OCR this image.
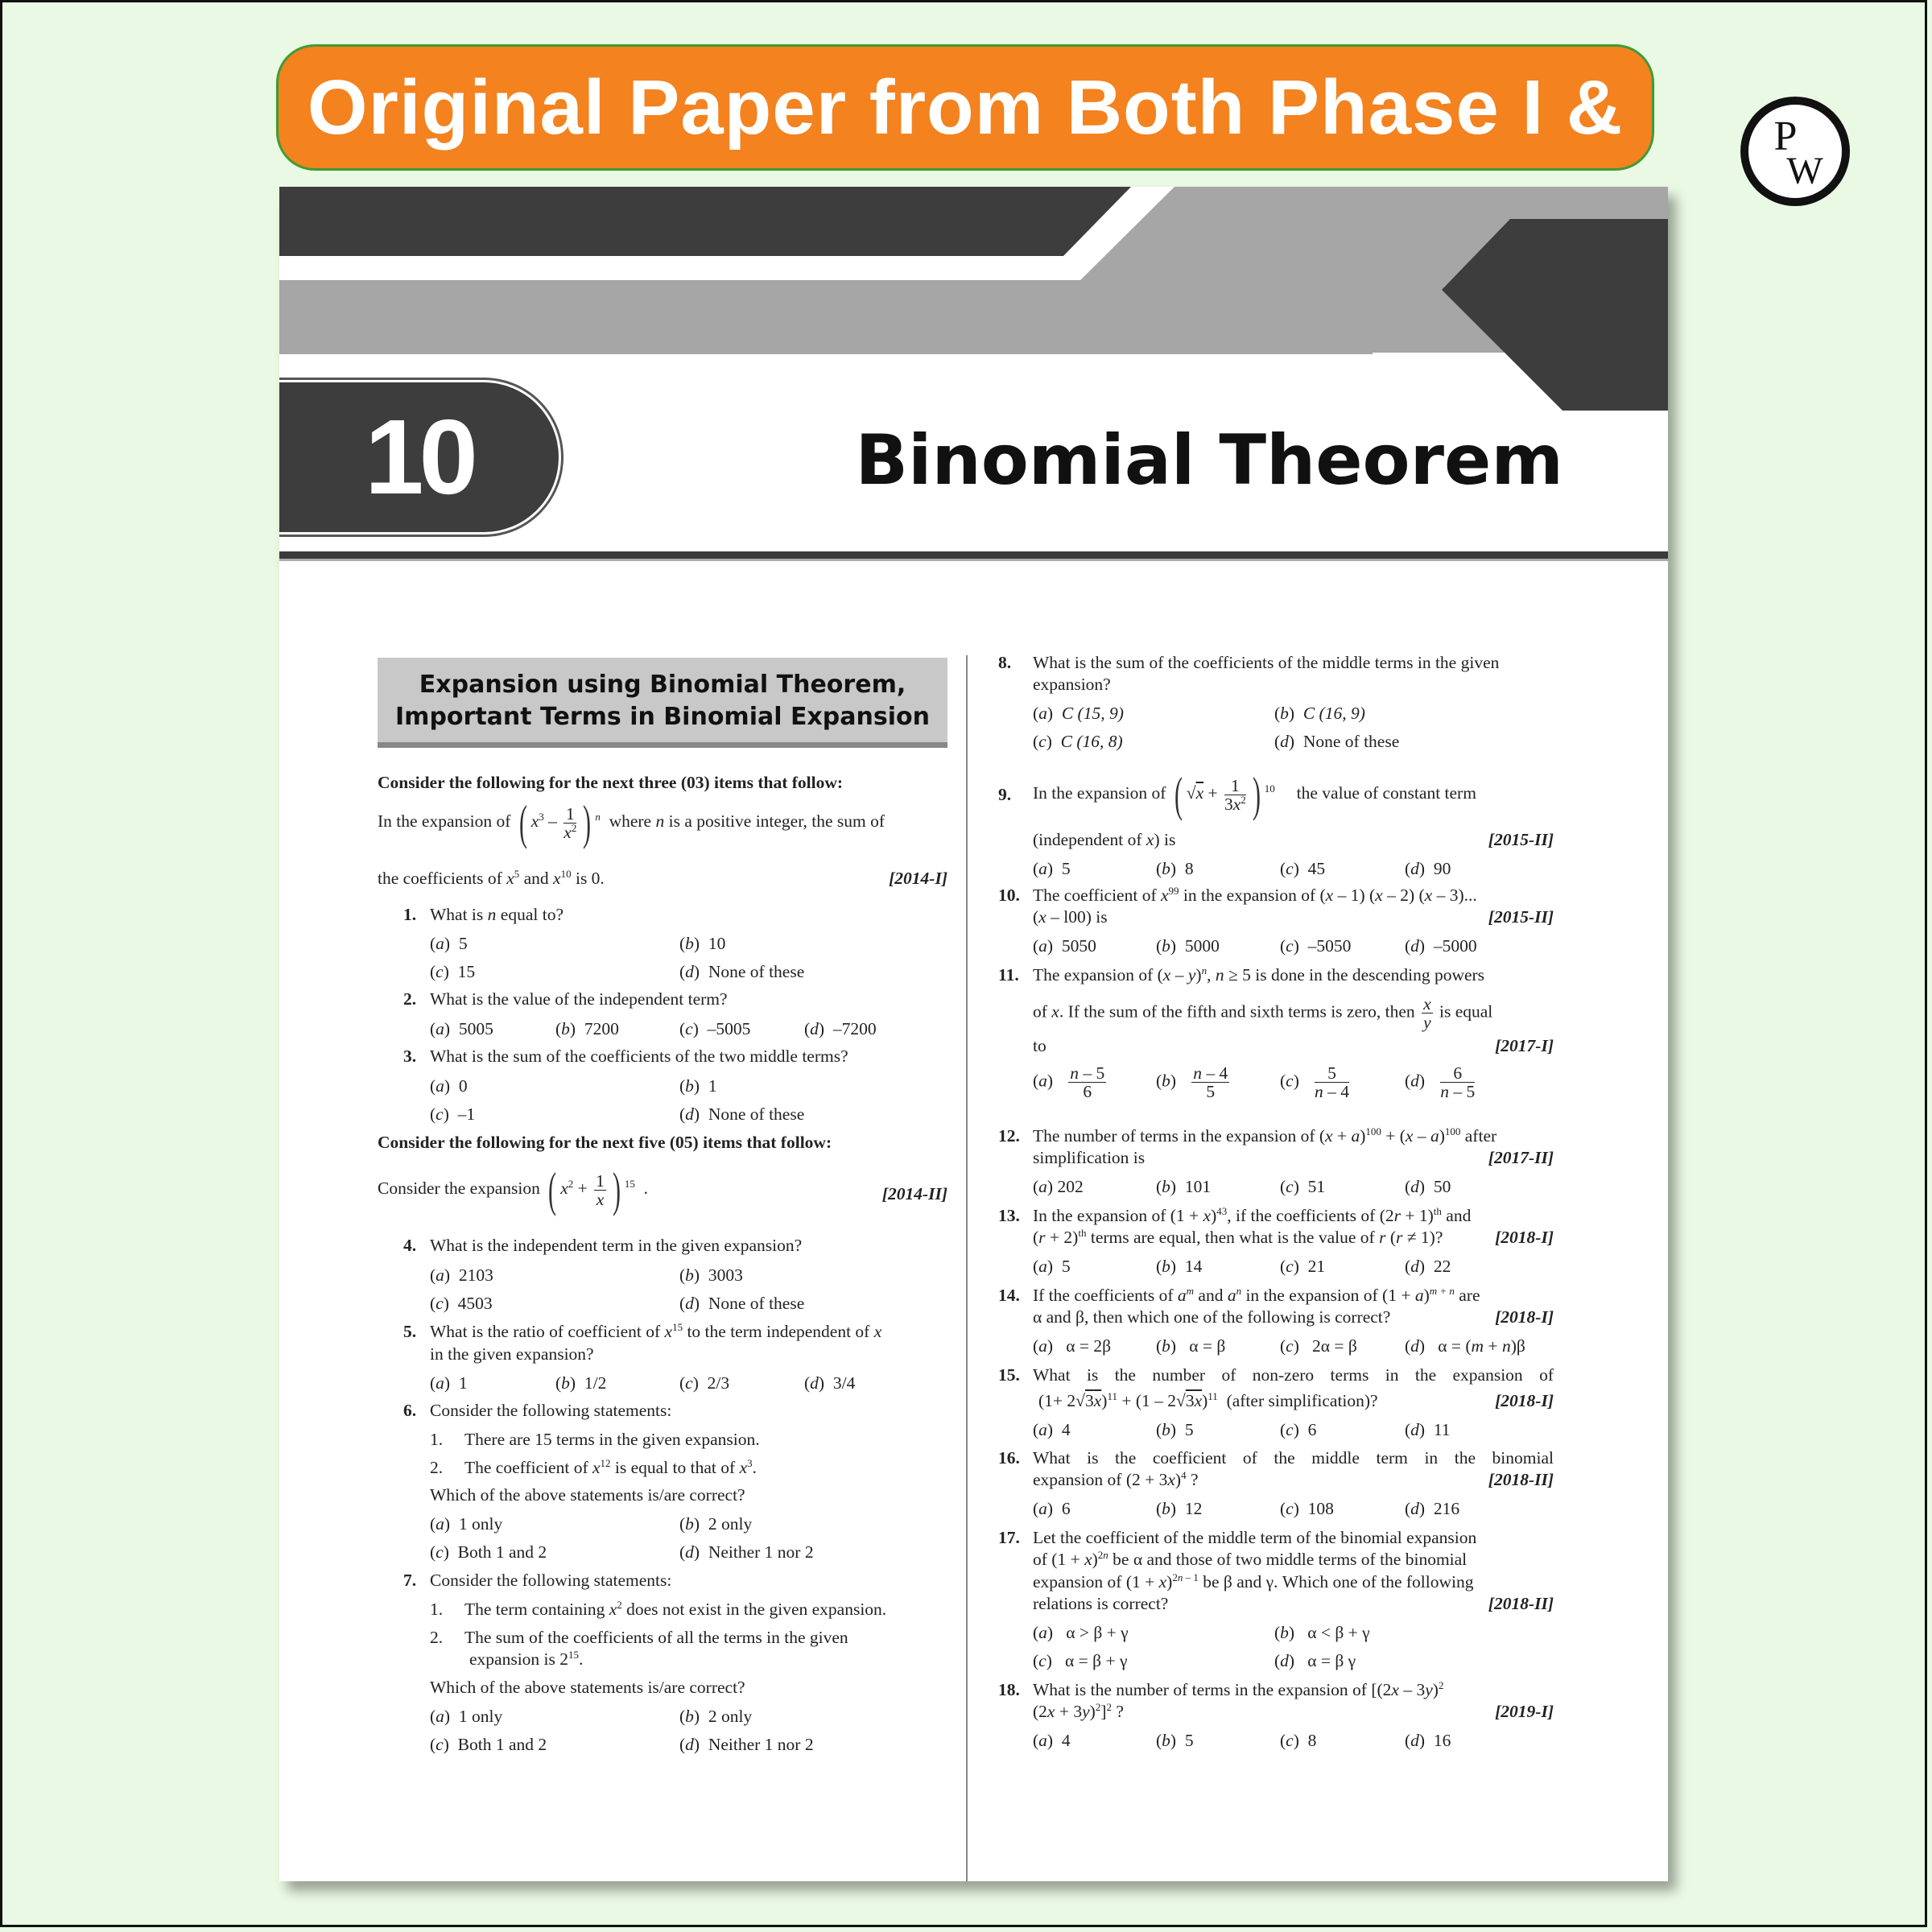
Original Paper from Both Phase I &	P
W
10	Binomial Theorem
Expansion using Binomial Theorem,
Important Terms in Binomial Expansion
Consider the following for the next three (03) items that follow:
In the expansion of ( $x^3 - \frac{1}{x^2}$ ) $^n$  where n is a positive integer, the sum of
the coefficients of $x^5$ and $x^{10}$ is 0.	[2014-I]
1. What is n equal to?
(a)  5	(b)  10
(c)  15	(d)  None of these
2. What is the value of the independent term?
(a)  5005	(b)  7200	(c)  –5005	(d)  –7200
3. What is the sum of the coefficients of the two middle terms?
(a)  0	(b)  1
(c)  –1	(d)  None of these
Consider the following for the next five (05) items that follow:
Consider the expansion ( $x^2 + \frac{1}{x}$ ) $^{15}$  .	[2014-II]
4. What is the independent term in the given expansion?
(a)  2103	(b)  3003
(c)  4503	(d)  None of these
5. What is the ratio of coefficient of $x^{15}$ to the term independent of x
in the given expansion?
(a)  1	(b)  1/2	(c)  2/3	(d)  3/4
6. Consider the following statements:
1.     There are 15 terms in the given expansion.
2.     The coefficient of $x^{12}$ is equal to that of $x^3$.
Which of the above statements is/are correct?
(a)  1 only	(b)  2 only
(c)  Both 1 and 2	(d)  Neither 1 nor 2
7. Consider the following statements:
1.     The term containing $x^2$ does not exist in the given expansion.
2.     The sum of the coefficients of all the terms in the given
expansion is $2^{15}$.
Which of the above statements is/are correct?
(a)  1 only	(b)  2 only
(c)  Both 1 and 2	(d)  Neither 1 nor 2
8. What is the sum of the coefficients of the middle terms in the given
expansion?
(a)  C (15, 9)	(b)  C (16, 9)
(c)  C (16, 8)	(d)  None of these
9. In the expansion of ( $√x + \frac{1}{3x^2}$ ) $^{10}$     the value of constant term
(independent of x) is	[2015-II]
(a)  5	(b)  8	(c)  45	(d)  90
10. The coefficient of $x^{99}$ in the expansion of (x – 1) (x – 2) (x – 3)...
(x – l00) is	[2015-II]
(a)  5050	(b)  5000	(c)  –5050	(d)  –5000
11. The expansion of (x – y)$^n$, n ≥ 5 is done in the descending powers
of x. If the sum of the fifth and sixth terms is zero, then $\frac{x}{y}$ is equal
to	[2017-I]
$(a) \frac{n - 5}{6}$	$(b) \frac{n - 4}{5}$	$(c) \frac{5}{n - 4}$	$(d) \frac{6}{n - 5}$
12. The number of terms in the expansion of $(x + a)^{100} + (x - a)^{100}$ after
simplification is	[2017-II]
(a) 202	(b)  101	(c)  51	(d)  50
13. In the expansion of $(1 + x)^{43}$, if the coefficients of $(2r + 1)^{th}$ and
$(r + 2)^{th}$ terms are equal, then what is the value of r (r ≠ 1)?	[2018-I]
(a)  5	(b)  14	(c)  21	(d)  22
14. If the coefficients of $a^m$ and $a^n$ in the expansion of $(1 + a)^{m + n}$ are
α and β, then which one of the following is correct?	[2018-I]
(a)   α = 2β	(b)   α = β	(c)   2α = β	(d)   α = (m + n)β
15. What is the number of non-zero terms in the expansion of
$(1+ 2√3x)^{11} + (1 - 2√3x)^{11}$  (after simplification)?	[2018-I]
(a)  4	(b)  5	(c)  6	(d)  11
16. What is the coefficient of the middle term in the binomial
expansion of $(2 + 3x)^4$ ?	[2018-II]
(a)  6	(b)  12	(c)  108	(d)  216
17. Let the coefficient of the middle term of the binomial expansion
of $(1 + x)^{2n}$ be α and those of two middle terms of the binomial
expansion of $(1 + x)^{2n - 1}$ be β and γ. Which one of the following
relations is correct?	[2018-II]
(a)   α > β + γ	(b)   α < β + γ
(c)   α = β + γ	(d)   α = β γ
18. What is the number of terms in the expansion of [(2x – 3y)$^2$
$(2x + 3y)^2]^2$ ?	[2019-I]
(a)  4	(b)  5	(c)  8	(d)  16
